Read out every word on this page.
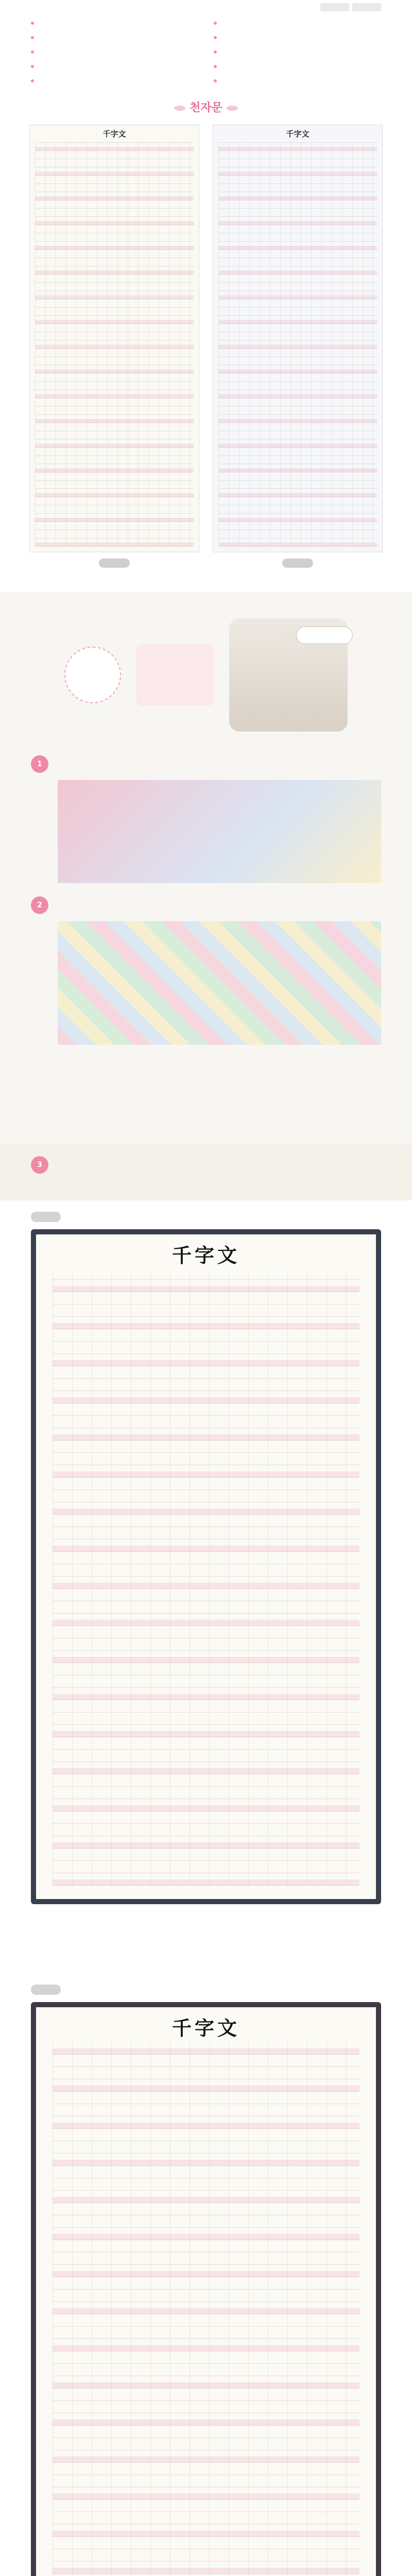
천자문
千字文	千字文
1
2
3
千字文
千字文
